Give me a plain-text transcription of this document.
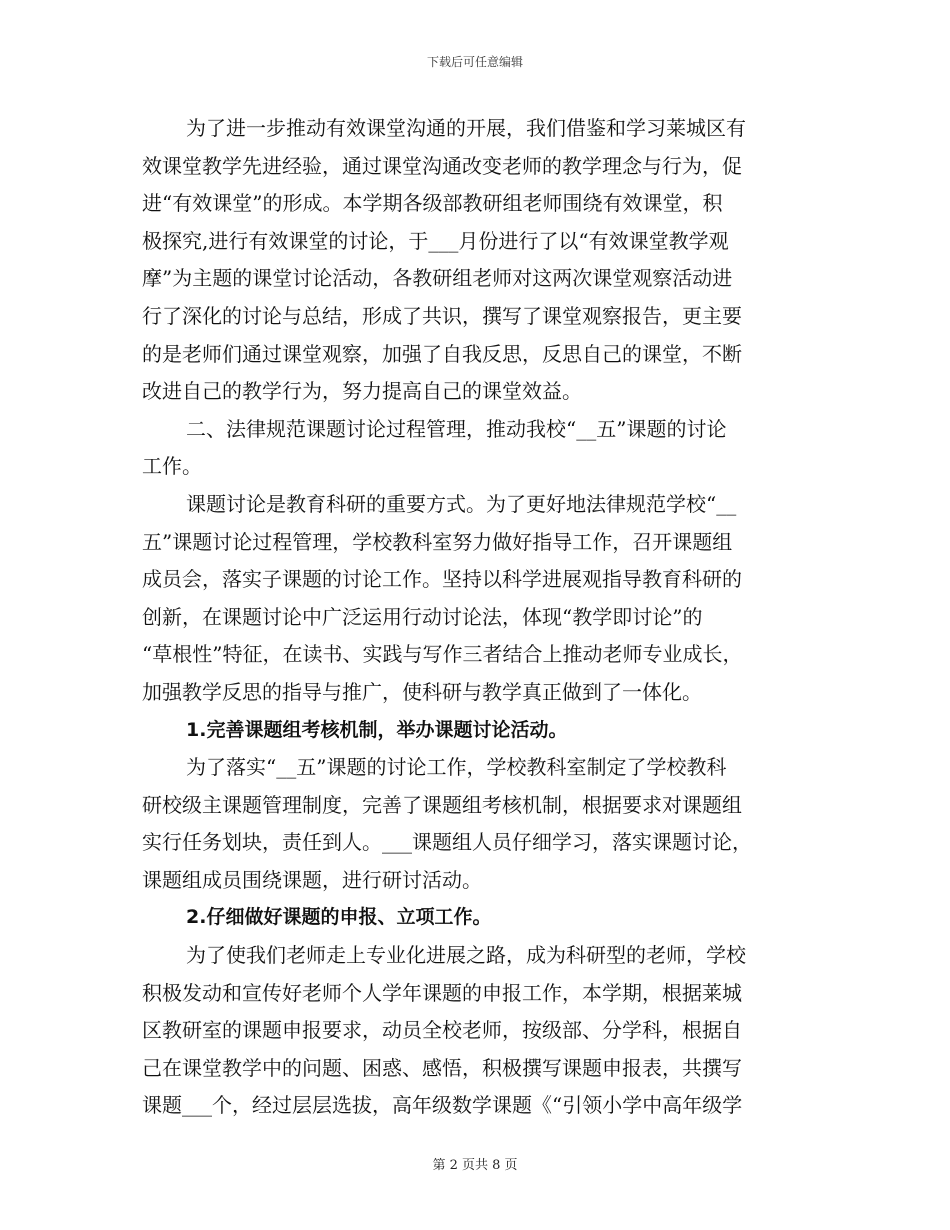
下载后可任意编辑
为了进一步推动有效课堂沟通的开展，我们借鉴和学习莱城区有
效课堂教学先进经验，通过课堂沟通改变老师的教学理念与行为，促
进“有效课堂”的形成。本学期各级部教研组老师围绕有效课堂，积
极探究,进行有效课堂的讨论，于___月份进行了以“有效课堂教学观
摩”为主题的课堂讨论活动，各教研组老师对这两次课堂观察活动进
行了深化的讨论与总结，形成了共识，撰写了课堂观察报告，更主要
的是老师们通过课堂观察，加强了自我反思，反思自己的课堂，不断
改进自己的教学行为，努力提高自己的课堂效益。
二、法律规范课题讨论过程管理，推动我校“__五”课题的讨论
工作。
课题讨论是教育科研的重要方式。为了更好地法律规范学校“__
五”课题讨论过程管理，学校教科室努力做好指导工作，召开课题组
成员会，落实子课题的讨论工作。坚持以科学进展观指导教育科研的
创新，在课题讨论中广泛运用行动讨论法，体现“教学即讨论”的
“草根性”特征，在读书、实践与写作三者结合上推动老师专业成长，
加强教学反思的指导与推广，使科研与教学真正做到了一体化。
1.完善课题组考核机制，举办课题讨论活动。
为了落实“__五”课题的讨论工作，学校教科室制定了学校教科
研校级主课题管理制度，完善了课题组考核机制，根据要求对课题组
实行任务划块，责任到人。___课题组人员仔细学习，落实课题讨论，
课题组成员围绕课题，进行研讨活动。
2.仔细做好课题的申报、立项工作。
为了使我们老师走上专业化进展之路，成为科研型的老师，学校
积极发动和宣传好老师个人学年课题的申报工作，本学期，根据莱城
区教研室的课题申报要求，动员全校老师，按级部、分学科，根据自
己在课堂教学中的问题、困惑、感悟，积极撰写课题申报表，共撰写
课题___个，经过层层选拔，高年级数学课题《“引领小学中高年级学
第 2 页共 8 页
